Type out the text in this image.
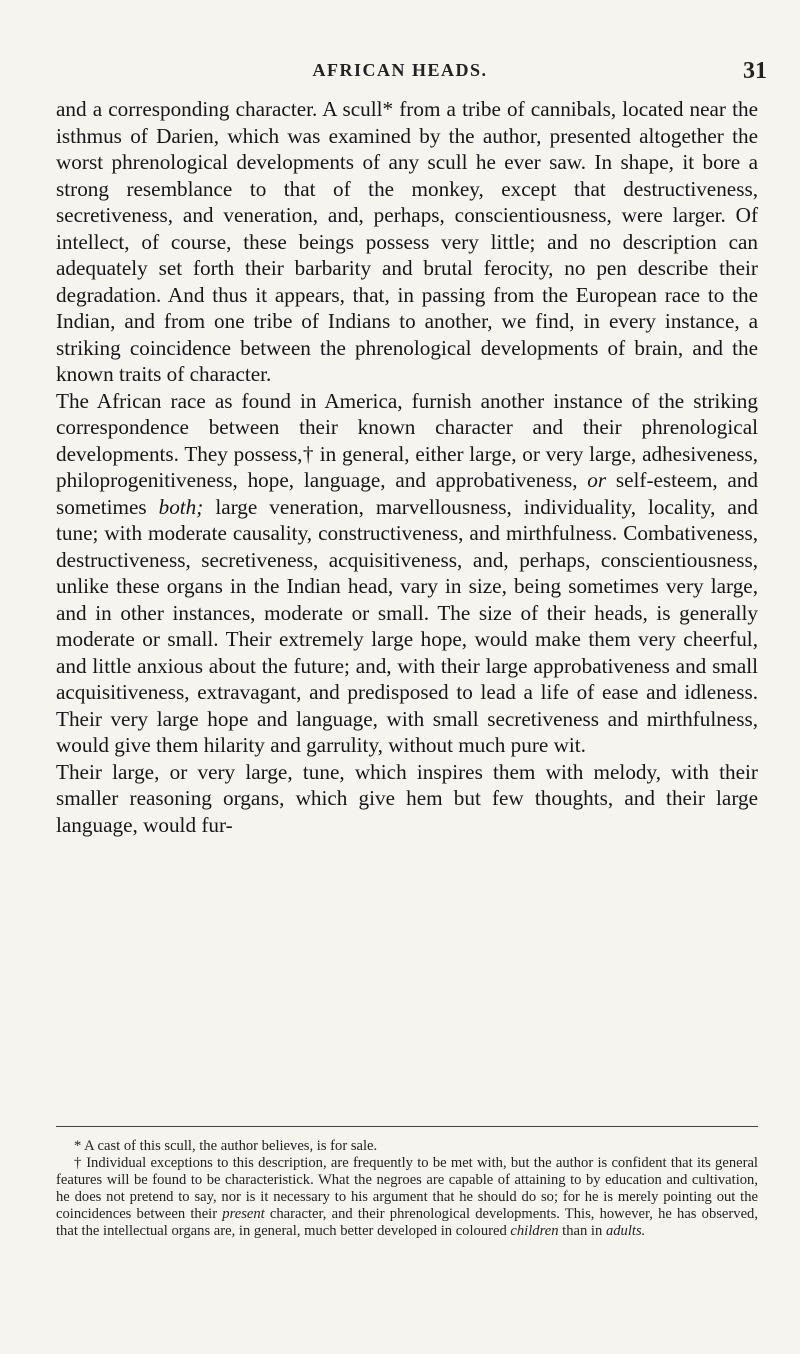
AFRICAN HEADS.	31

and a corresponding character. A scull* from a tribe of cannibals, located near the isthmus of Darien, which was examined by the author, presented altogether the worst phrenological developments of any scull he ever saw. In shape, it bore a strong resemblance to that of the monkey, except that destructiveness, secretiveness, and veneration, and, perhaps, conscientiousness, were larger. Of intellect, of course, these beings possess very little; and no description can adequately set forth their barbarity and brutal ferocity, no pen describe their degradation. And thus it appears, that, in passing from the European race to the Indian, and from one tribe of Indians to another, we find, in every instance, a striking coincidence between the phrenological developments of brain, and the known traits of character.

The African race as found in America, furnish another instance of the striking correspondence between their known character and their phrenological developments. They possess,† in general, either large, or very large, adhesiveness, philoprogenitiveness, hope, language, and approbativeness, or self-esteem, and sometimes both; large veneration, marvellousness, individuality, locality, and tune; with moderate causality, constructiveness, and mirthfulness. Combativeness, destructiveness, secretiveness, acquisitiveness, and, perhaps, conscientiousness, unlike these organs in the Indian head, vary in size, being sometimes very large, and in other instances, moderate or small. The size of their heads, is generally moderate or small. Their extremely large hope, would make them very cheerful, and little anxious about the future; and, with their large approbativeness and small acquisitiveness, extravagant, and predisposed to lead a life of ease and idleness. Their very large hope and language, with small secretiveness and mirthfulness, would give them hilarity and garrulity, without much pure wit.

Their large, or very large, tune, which inspires them with melody, with their smaller reasoning organs, which give hem but few thoughts, and their large language, would fur-

* A cast of this scull, the author believes, is for sale.

† Individual exceptions to this description, are frequently to be met with, but the author is confident that its general features will be found to be characteristick. What the negroes are capable of attaining to by education and cultivation, he does not pretend to say, nor is it necessary to his argument that he should do so; for he is merely pointing out the coincidences between their present character, and their phrenological developments. This, however, he has observed, that the intellectual organs are, in general, much better developed in coloured children than in adults.
